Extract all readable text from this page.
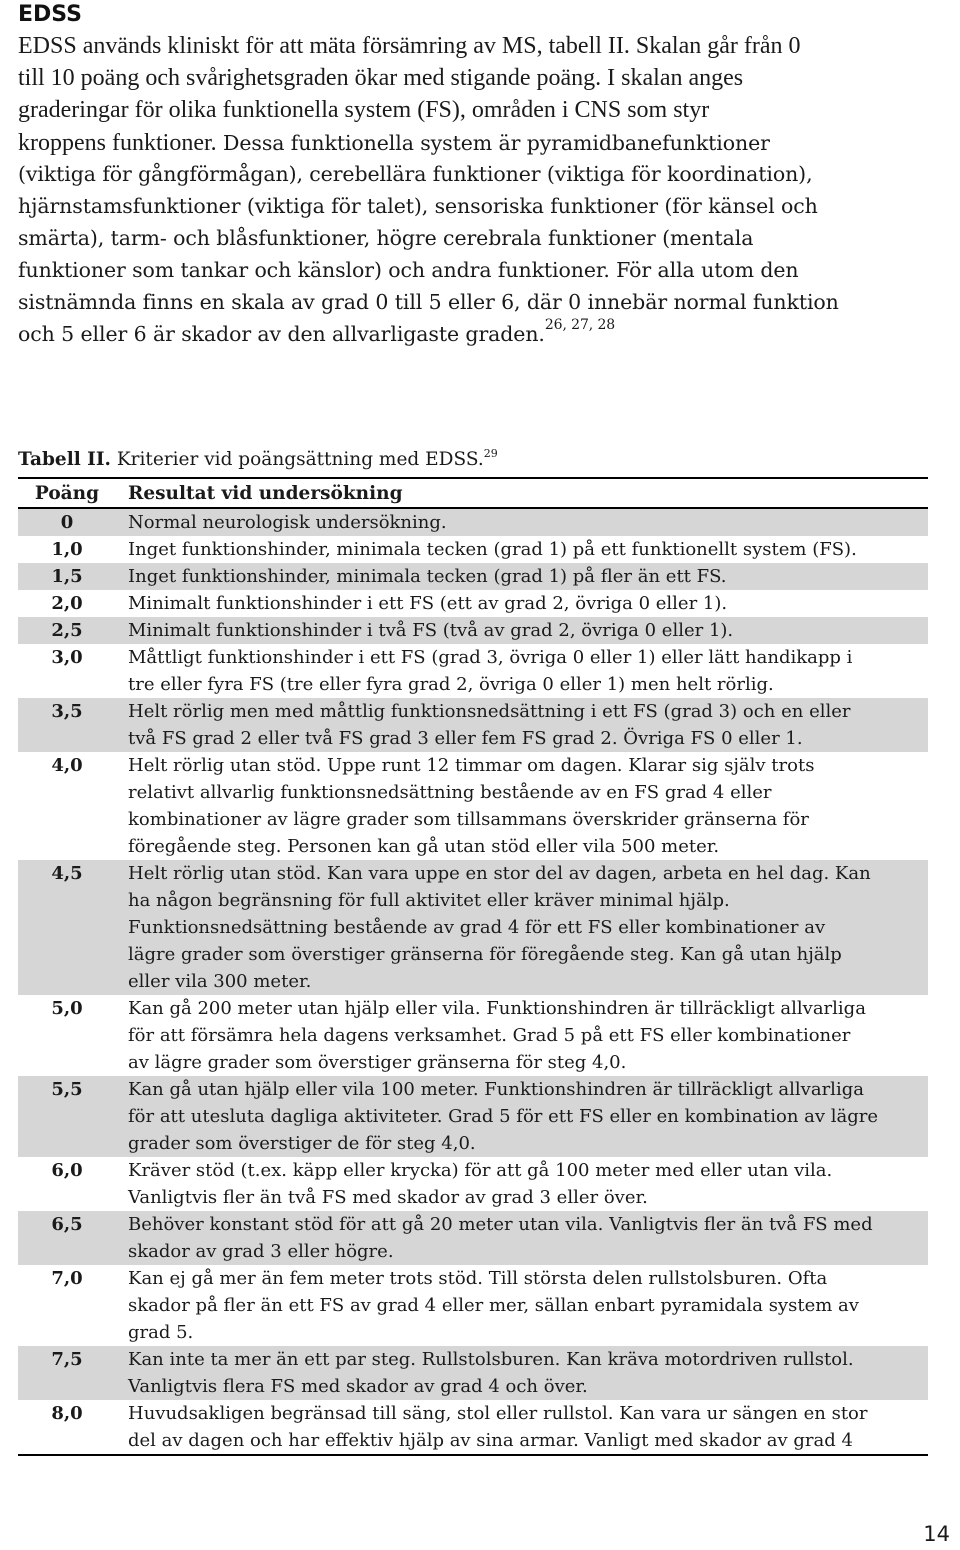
EDSS

EDSS används kliniskt för att mäta försämring av MS, tabell II. Skalan går från 0
till 10 poäng och svårighetsgraden ökar med stigande poäng. I skalan anges
graderingar för olika funktionella system (FS), områden i CNS som styr
kroppens funktioner. Dessa funktionella system är pyramidbanefunktioner
(viktiga för gångförmågan), cerebellära funktioner (viktiga för koordination),
hjärnstamsfunktioner (viktiga för talet), sensoriska funktioner (för känsel och
smärta), tarm- och blåsfunktioner, högre cerebrala funktioner (mentala
funktioner som tankar och känslor) och andra funktioner. För alla utom den
sistnämnda finns en skala av grad 0 till 5 eller 6, där 0 innebär normal funktion
och 5 eller 6 är skador av den allvarligaste graden.$^{26, 27, 28}$

Tabell II. Kriterier vid poängsättning med EDSS.$^{29}$
Poäng	Resultat vid undersökning
0	Normal neurologisk undersökning.
1,0	Inget funktionshinder, minimala tecken (grad 1) på ett funktionellt system (FS).
1,5	Inget funktionshinder, minimala tecken (grad 1) på fler än ett FS.
2,0	Minimalt funktionshinder i ett FS (ett av grad 2, övriga 0 eller 1).
2,5	Minimalt funktionshinder i två FS (två av grad 2, övriga 0 eller 1).
3,0	Måttligt funktionshinder i ett FS (grad 3, övriga 0 eller 1) eller lätt handikapp i
tre eller fyra FS (tre eller fyra grad 2, övriga 0 eller 1) men helt rörlig.
3,5	Helt rörlig men med måttlig funktionsnedsättning i ett FS (grad 3) och en eller
två FS grad 2 eller två FS grad 3 eller fem FS grad 2. Övriga FS 0 eller 1.
4,0	Helt rörlig utan stöd. Uppe runt 12 timmar om dagen. Klarar sig själv trots
relativt allvarlig funktionsnedsättning bestående av en FS grad 4 eller
kombinationer av lägre grader som tillsammans överskrider gränserna för
föregående steg. Personen kan gå utan stöd eller vila 500 meter.
4,5	Helt rörlig utan stöd. Kan vara uppe en stor del av dagen, arbeta en hel dag. Kan
ha någon begränsning för full aktivitet eller kräver minimal hjälp.
Funktionsnedsättning bestående av grad 4 för ett FS eller kombinationer av
lägre grader som överstiger gränserna för föregående steg. Kan gå utan hjälp
eller vila 300 meter.
5,0	Kan gå 200 meter utan hjälp eller vila. Funktionshindren är tillräckligt allvarliga
för att försämra hela dagens verksamhet. Grad 5 på ett FS eller kombinationer
av lägre grader som överstiger gränserna för steg 4,0.
5,5	Kan gå utan hjälp eller vila 100 meter. Funktionshindren är tillräckligt allvarliga
för att utesluta dagliga aktiviteter. Grad 5 för ett FS eller en kombination av lägre
grader som överstiger de för steg 4,0.
6,0	Kräver stöd (t.ex. käpp eller krycka) för att gå 100 meter med eller utan vila.
Vanligtvis fler än två FS med skador av grad 3 eller över.
6,5	Behöver konstant stöd för att gå 20 meter utan vila. Vanligtvis fler än två FS med
skador av grad 3 eller högre.
7,0	Kan ej gå mer än fem meter trots stöd. Till största delen rullstolsburen. Ofta
skador på fler än ett FS av grad 4 eller mer, sällan enbart pyramidala system av
grad 5.
7,5	Kan inte ta mer än ett par steg. Rullstolsburen. Kan kräva motordriven rullstol.
Vanligtvis flera FS med skador av grad 4 och över.
8,0	Huvudsakligen begränsad till säng, stol eller rullstol. Kan vara ur sängen en stor
del av dagen och har effektiv hjälp av sina armar. Vanligt med skador av grad 4
14
